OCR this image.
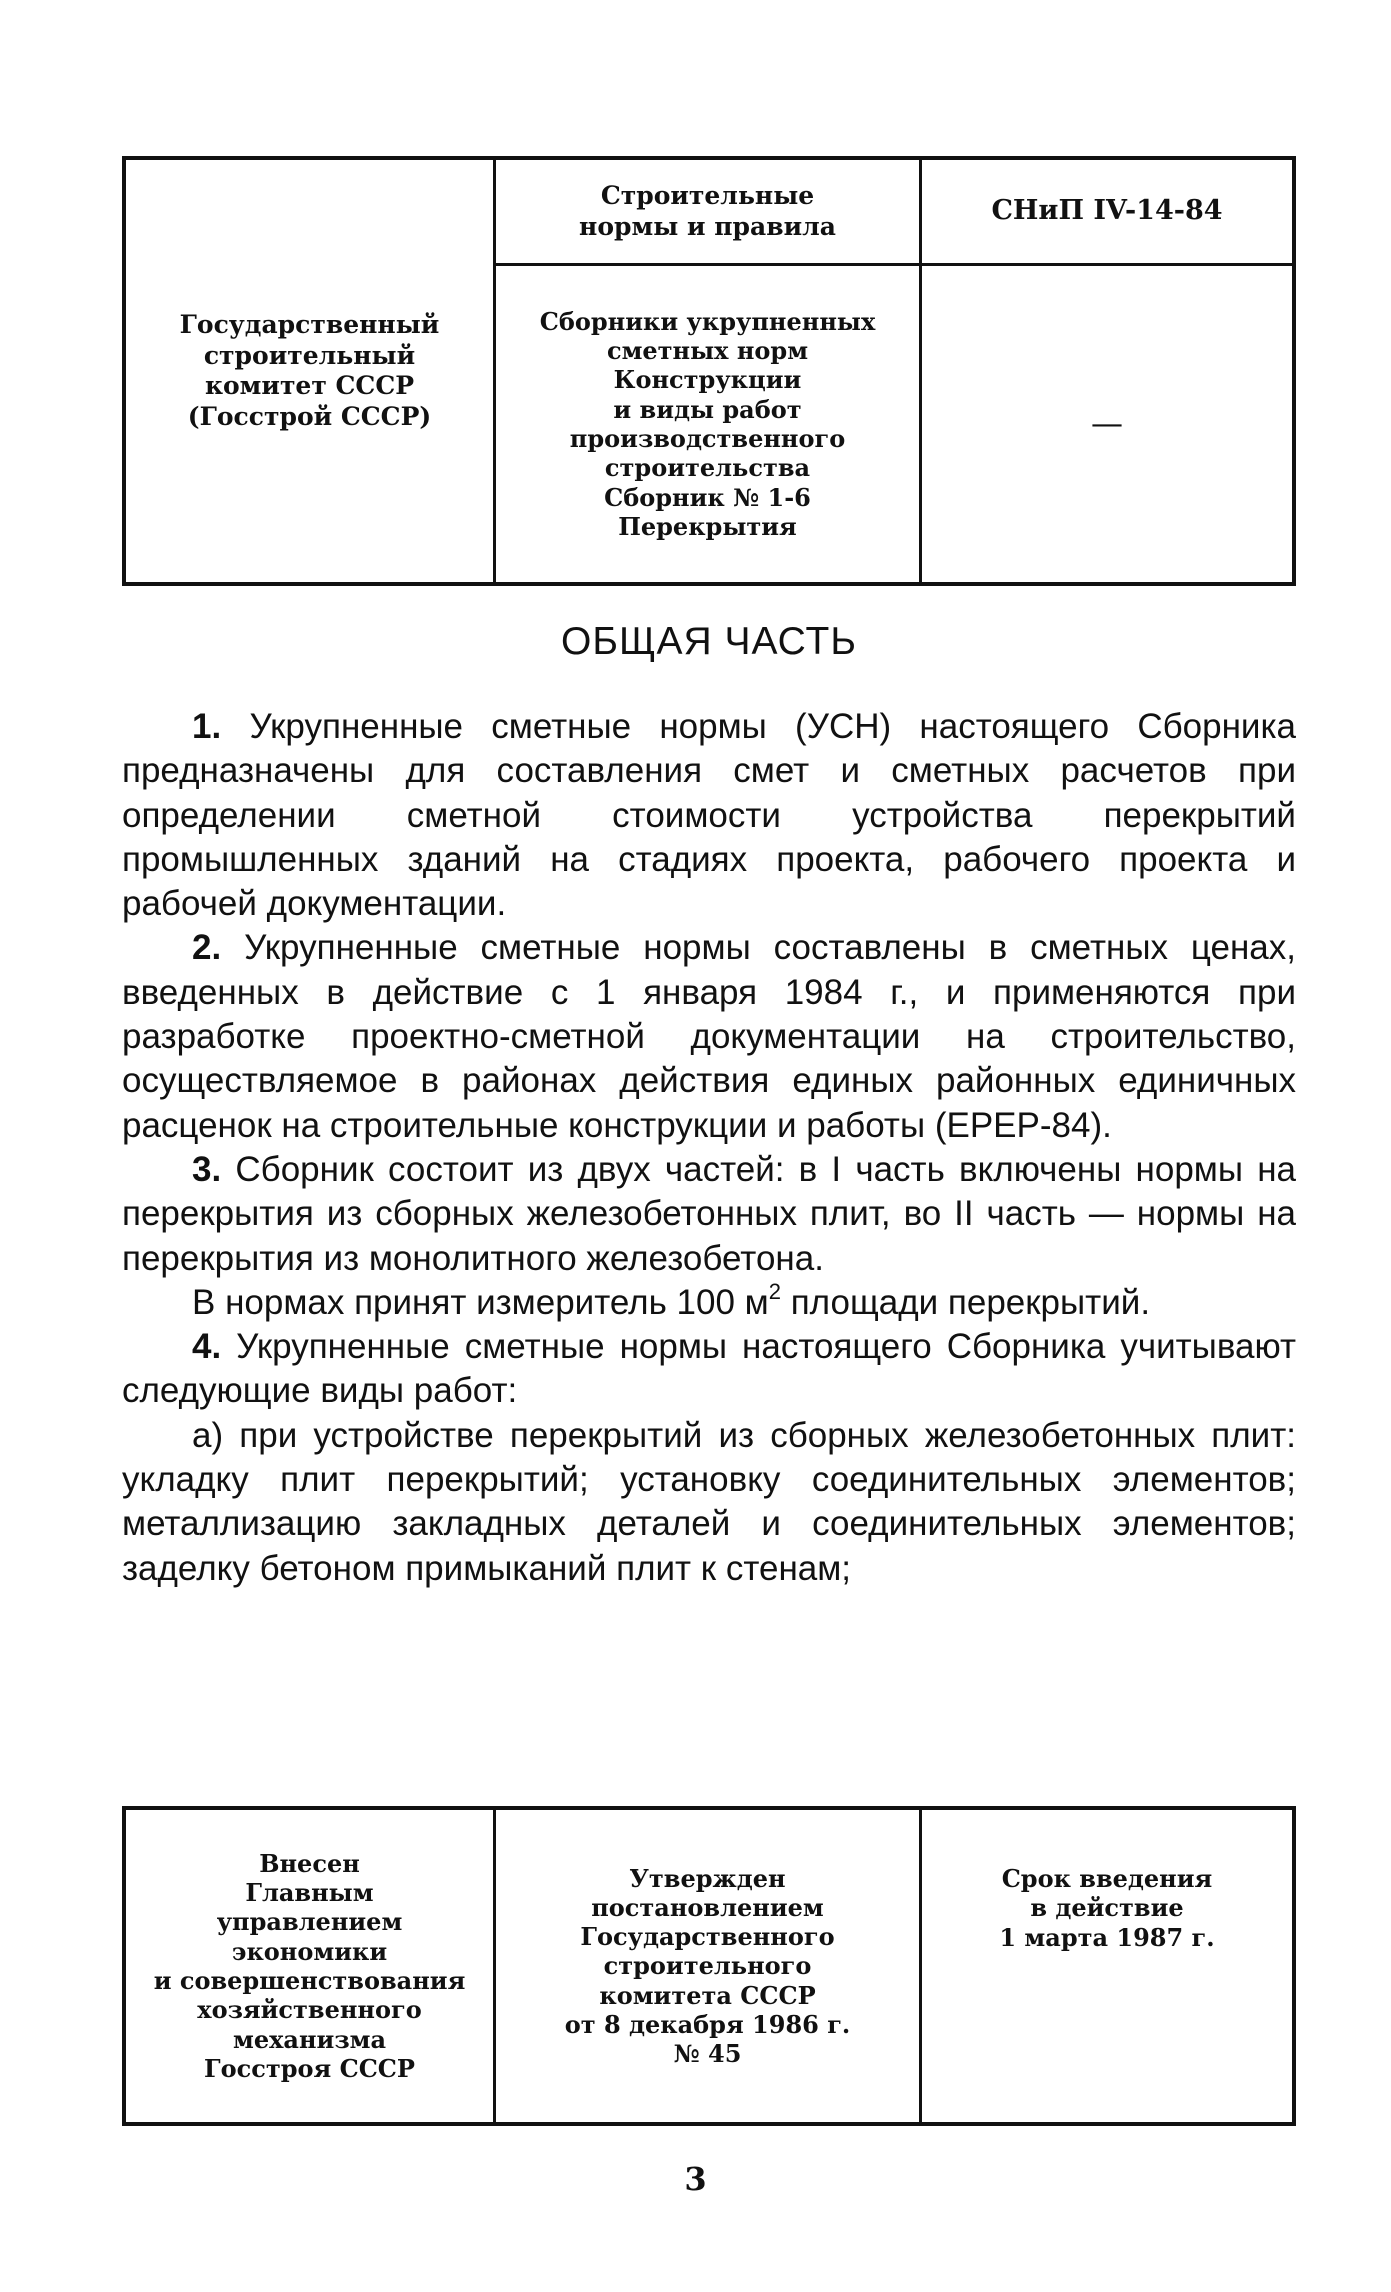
Государственный
строительный
комитет СССР
(Госстрой СССР)
Строительные
нормы и правила	СНиП IV-14-84
Сборники укрупненных
сметных норм
Конструкции
и виды работ
производственного
строительства
Сборник № 1-6
Перекрытия
—
ОБЩАЯ ЧАСТЬ

1. Укрупненные сметные нормы (УСН) настоящего Сборника предназначены для составления смет и сметных расчетов при определении сметной стоимости устройства перекрытий промышленных зданий на стадиях проекта, рабочего проекта и рабочей документации.

2. Укрупненные сметные нормы составлены в сметных ценах, введенных в действие с 1 января 1984 г., и применяются при разработке проектно-сметной документации на строительство, осуществляемое в районах действия единых районных единичных расценок на строительные конструкции и работы (ЕРЕР-84).

3. Сборник состоит из двух частей: в I часть включены нормы на перекрытия из сборных железобетонных плит, во II часть — нормы на перекрытия из монолитного железобетона.

В нормах принят измеритель 100 $м^2$ площади перекрытий.

4. Укрупненные сметные нормы настоящего Сборника учитывают следующие виды работ:

а) при устройстве перекрытий из сборных железобетонных плит: укладку плит перекрытий; установку соединительных элементов; металлизацию закладных деталей и соединительных элементов; заделку бетоном примыканий плит к стенам;

Внесен
Главным
управлением
экономики
и совершенствования
хозяйственного
механизма
Госстроя СССР
Утвержден
постановлением
Государственного
строительного
комитета СССР
от 8 декабря 1986 г.
№ 45
Срок введения
в действие
1 марта 1987 г.
3
